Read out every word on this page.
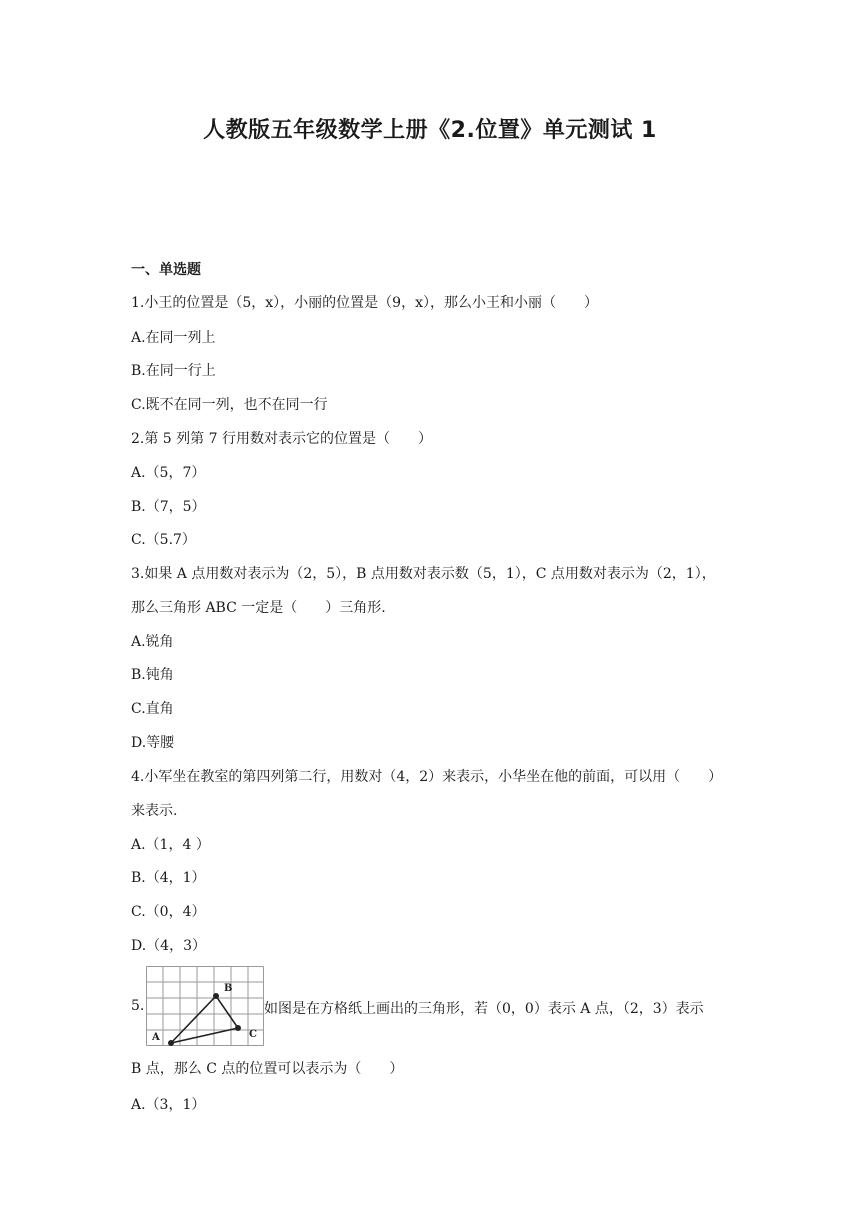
人教版五年级数学上册《2.位置》单元测试 1
一、单选题
1.小王的位置是（5，x），小丽的位置是（9，x），那么小王和小丽（　　）
A.在同一列上
B.在同一行上
C.既不在同一列，也不在同一行
2.第 5 列第 7 行用数对表示它的位置是（　　）
A.（5，7）
B.（7，5）
C.（5.7）
3.如果 A 点用数对表示为（2，5），B 点用数对表示数（5，1），C 点用数对表示为（2，1），
那么三角形 ABC 一定是（　　）三角形.
A.锐角
B.钝角
C.直角
D.等腰
4.小军坐在教室的第四列第二行，用数对（4，2）来表示，小华坐在他的前面，可以用（　　）
来表示.
A.（1，4 ）
B.（4，1）
C.（0，4）
D.（4，3）
5.
A
B
C
如图是在方格纸上画出的三角形，若（0，0）表示 A 点，（2，3）表示
B 点，那么 C 点的位置可以表示为（　　）
A.（3，1）
